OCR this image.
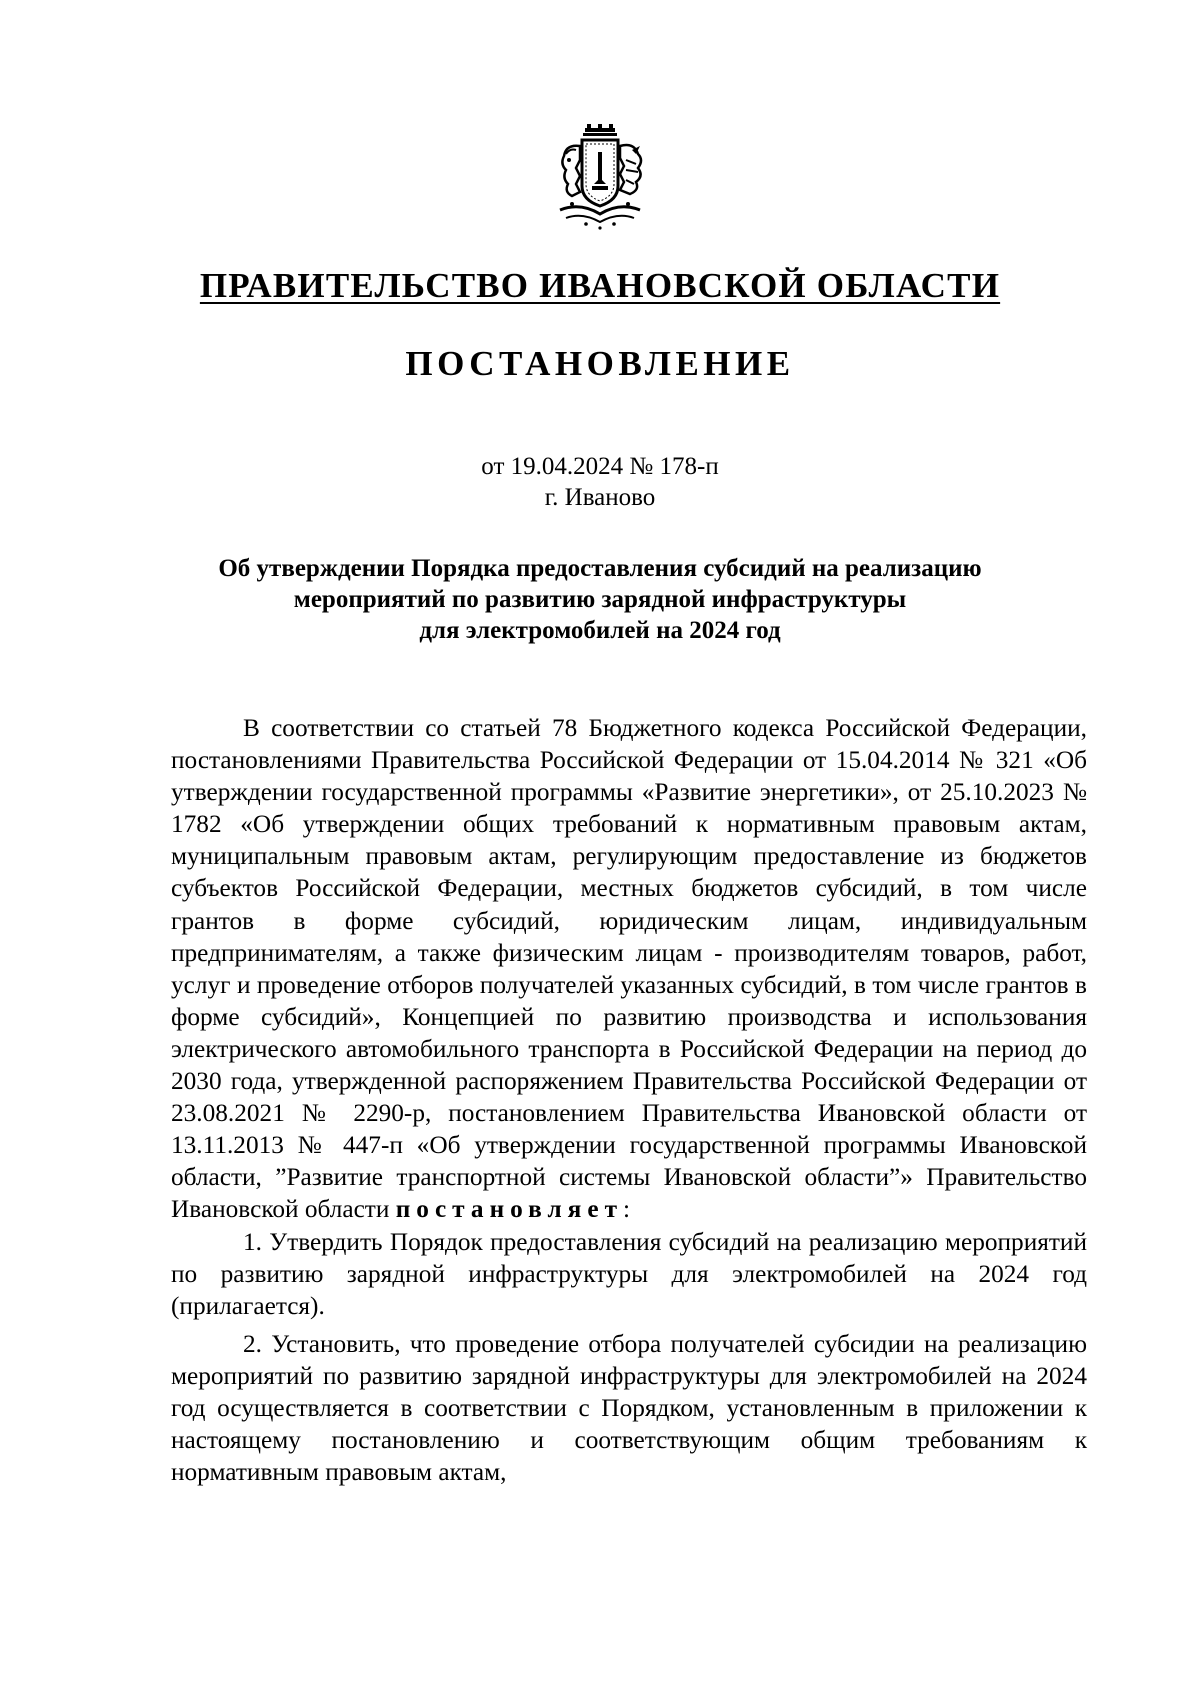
ПРАВИТЕЛЬСТВО ИВАНОВСКОЙ ОБЛАСТИ
ПОСТАНОВЛЕНИЕ
от 19.04.2024 № 178-п
г. Иваново
Об утверждении Порядка предоставления субсидий на реализацию
мероприятий по развитию зарядной инфраструктуры
для электромобилей на 2024 год

В соответствии со статьей 78 Бюджетного кодекса Российской Федерации, постановлениями Правительства Российской Федерации от 15.04.2014 № 321 «Об утверждении государственной программы «Развитие энергетики», от 25.10.2023 № 1782 «Об утверждении общих требований к нормативным правовым актам, муниципальным правовым актам, регулирующим предоставление из бюджетов субъектов Российской Федерации, местных бюджетов субсидий, в том числе грантов в форме субсидий, юридическим лицам, индивидуальным предпринимателям, а также физическим лицам - производителям товаров, работ, услуг и проведение отборов получателей указанных субсидий, в том числе грантов в форме субсидий», Концепцией по развитию производства и использования электрического автомобильного транспорта в Российской Федерации на период до 2030 года, утвержденной распоряжением Правительства Российской Федерации от 23.08.2021 № 2290-р, постановлением Правительства Ивановской области от 13.11.2013 № 447-п «Об утверждении государственной программы Ивановской области, ”Развитие транспортной системы Ивановской области”» Правительство Ивановской области постановляет:

1. Утвердить Порядок предоставления субсидий на реализацию мероприятий по развитию зарядной инфраструктуры для электромобилей на 2024 год (прилагается).

2. Установить, что проведение отбора получателей субсидии на реализацию мероприятий по развитию зарядной инфраструктуры для электромобилей на 2024 год осуществляется в соответствии с Порядком, установленным в приложении к настоящему постановлению и соответствующим общим требованиям к нормативным правовым актам,
